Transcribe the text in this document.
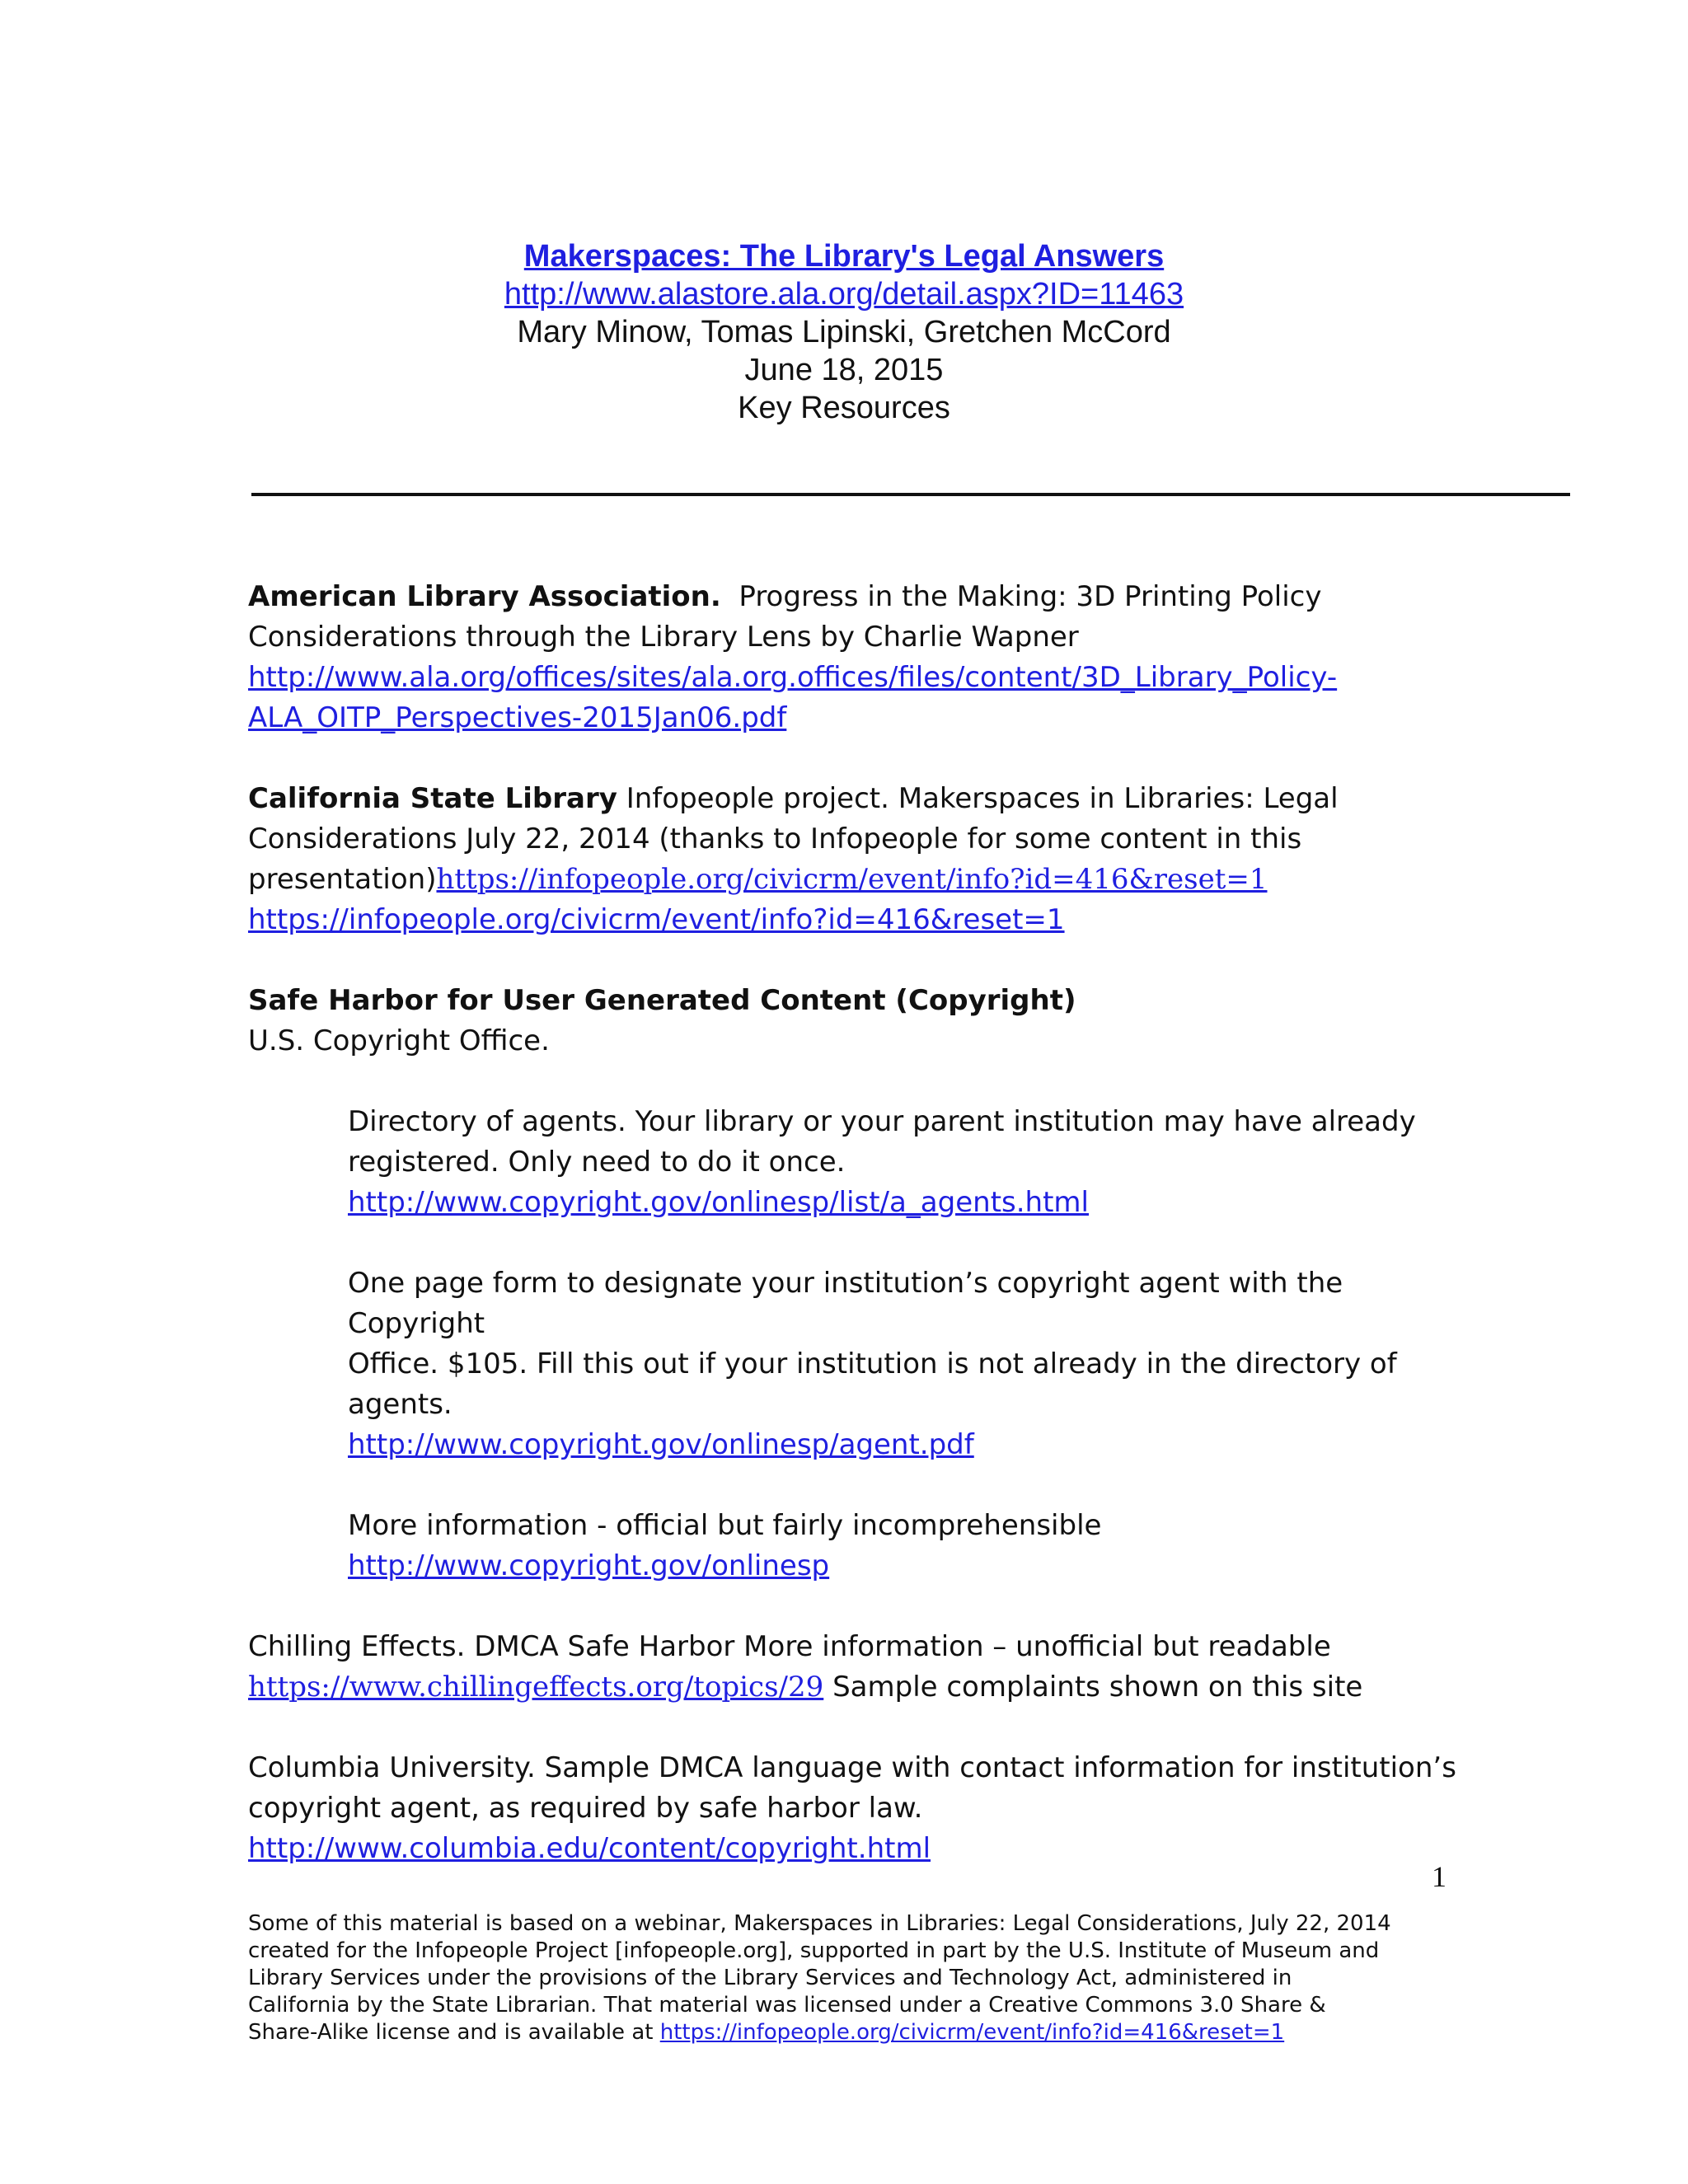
Makerspaces: The Library's Legal Answers
http://www.alastore.ala.org/detail.aspx?ID=11463
Mary Minow, Tomas Lipinski, Gretchen McCord
June 18, 2015
Key Resources

American Library Association. Progress in the Making: 3D Printing Policy
Considerations through the Library Lens by Charlie Wapner
http://www.ala.org/offices/sites/ala.org.offices/files/content/3D_Library_Policy-
ALA_OITP_Perspectives-2015Jan06.pdf

California State Library Infopeople project. Makerspaces in Libraries: Legal
Considerations July 22, 2014 (thanks to Infopeople for some content in this
presentation)https://infopeople.org/civicrm/event/info?id=416&reset=1
https://infopeople.org/civicrm/event/info?id=416&reset=1

Safe Harbor for User Generated Content (Copyright)
U.S. Copyright Office.

Directory of agents. Your library or your parent institution may have already
registered. Only need to do it once.
http://www.copyright.gov/onlinesp/list/a_agents.html

One page form to designate your institution’s copyright agent with the Copyright
Office. $105. Fill this out if your institution is not already in the directory of
agents.
http://www.copyright.gov/onlinesp/agent.pdf

More information - official but fairly incomprehensible
http://www.copyright.gov/onlinesp

Chilling Effects. DMCA Safe Harbor More information – unofficial but readable
https://www.chillingeffects.org/topics/29 Sample complaints shown on this site

Columbia University. Sample DMCA language with contact information for institution’s
copyright agent, as required by safe harbor law.
http://www.columbia.edu/content/copyright.html

1
Some of this material is based on a webinar, Makerspaces in Libraries: Legal Considerations, July 22, 2014
created for the Infopeople Project [infopeople.org], supported in part by the U.S. Institute of Museum and
Library Services under the provisions of the Library Services and Technology Act, administered in
California by the State Librarian. That material was licensed under a Creative Commons 3.0 Share &
Share-Alike license and is available at https://infopeople.org/civicrm/event/info?id=416&reset=1
